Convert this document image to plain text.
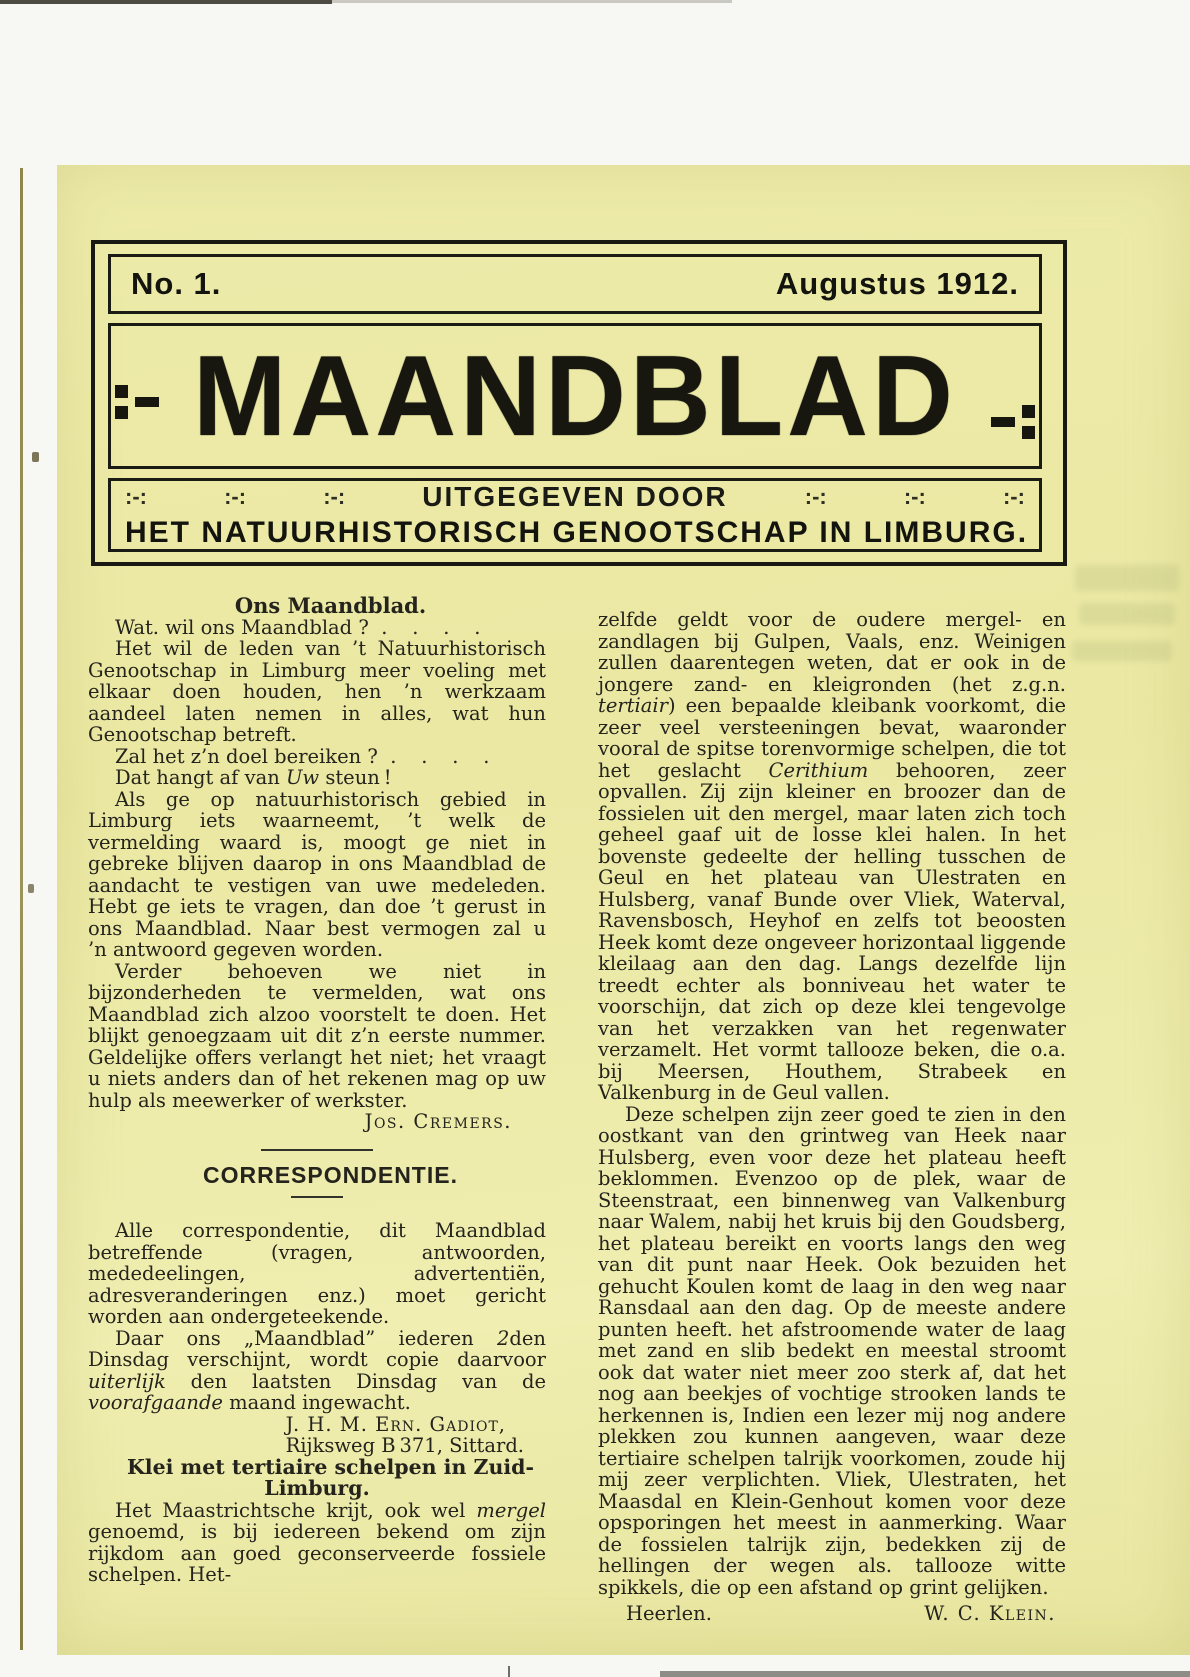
No. 1.	Augustus 1912.
MAANDBLAD
:-:	:-:	:-:	UITGEGEVEN DOOR	:-:	:-:	:-:
HET NATUURHISTORISCH GENOOTSCHAP IN LIMBURG.

Ons Maandblad.

Wat. wil ons Maandblad ?  .    .    .    .

Het wil de leden van ’t Natuurhistorisch Genootschap in Limburg meer voeling met elkaar doen houden, hen ’n werkzaam aandeel laten nemen in alles, wat hun Genootschap betreft.

Zal het z’n doel bereiken ?  .    .    .    .

Dat hangt af van Uw steun !

Als ge op natuurhistorisch gebied in Limburg iets waarneemt, ’t welk de vermelding waard is, moogt ge niet in gebreke blijven daarop in ons Maandblad de aandacht te vestigen van uwe medeleden. Hebt ge iets te vragen, dan doe ’t gerust in ons Maandblad. Naar best vermogen zal u ’n antwoord gegeven worden.

Verder behoeven we niet in bijzonderheden te vermelden, wat ons Maandblad zich alzoo voorstelt te doen. Het blijkt genoegzaam uit dit z’n eerste nummer. Geldelijke offers verlangt het niet; het vraagt u niets anders dan of het rekenen mag op uw hulp als meewerker of werkster.

Jos. Cremers.

CORRESPONDENTIE.

Alle correspondentie, dit Maandblad betreffende (vragen, antwoorden, mededeelingen, advertentiën, adresveranderingen enz.) moet gericht worden aan ondergeteekende.

Daar ons „Maandblad” iederen 2den Dinsdag verschijnt, wordt copie daarvoor uiterlijk den laatsten Dinsdag van de voorafgaande maand ingewacht.

J. H. M. Ern. Gadiot,

Rijksweg B 371, Sittard.

Klei met tertiaire schelpen in Zuid-Limburg.

Het Maastrichtsche krijt, ook wel mergel genoemd, is bij iedereen bekend om zijn rijkdom aan goed geconserveerde fossiele schelpen. Het-

zelfde geldt voor de oudere mergel- en zandlagen bij Gulpen, Vaals, enz. Weinigen zullen daarentegen weten, dat er ook in de jongere zand- en kleigronden (het z.g.n. tertiair) een bepaalde kleibank voorkomt, die zeer veel versteeningen bevat, waaronder vooral de spitse torenvormige schelpen, die tot het geslacht Cerithium behooren, zeer opvallen. Zij zijn kleiner en broozer dan de fossielen uit den mergel, maar laten zich toch geheel gaaf uit de losse klei halen. In het bovenste gedeelte der helling tusschen de Geul en het plateau van Ulestraten en Hulsberg, vanaf Bunde over Vliek, Waterval, Ravensbosch, Heyhof en zelfs tot beoosten Heek komt deze ongeveer horizontaal liggende kleilaag aan den dag. Langs dezelfde lijn treedt echter als bonniveau het water te voorschijn, dat zich op deze klei tengevolge van het verzakken van het regenwater verzamelt. Het vormt tallooze beken, die o.a. bij Meersen, Houthem, Strabeek en Valkenburg in de Geul vallen.

Deze schelpen zijn zeer goed te zien in den oostkant van den grintweg van Heek naar Hulsberg, even voor deze het plateau heeft beklommen. Evenzoo op de plek, waar de Steenstraat, een binnenweg van Valkenburg naar Walem, nabij het kruis bij den Goudsberg, het plateau bereikt en voorts langs den weg van dit punt naar Heek. Ook bezuiden het gehucht Koulen komt de laag in den weg naar Ransdaal aan den dag. Op de meeste andere punten heeft. het afstroomende water de laag met zand en slib bedekt en meestal stroomt ook dat water niet meer zoo sterk af, dat het nog aan beekjes of vochtige strooken lands te herkennen is, Indien een lezer mij nog andere plekken zou kunnen aangeven, waar deze tertiaire schelpen talrijk voorkomen, zoude hij mij zeer verplichten. Vliek, Ulestraten, het Maasdal en Klein-Genhout komen voor deze opsporingen het meest in aanmerking. Waar de fossielen talrijk zijn, bedekken zij de hellingen der wegen als. tallooze witte spikkels, die op een afstand op grint gelijken.

Heerlen.	W. C. Klein.
